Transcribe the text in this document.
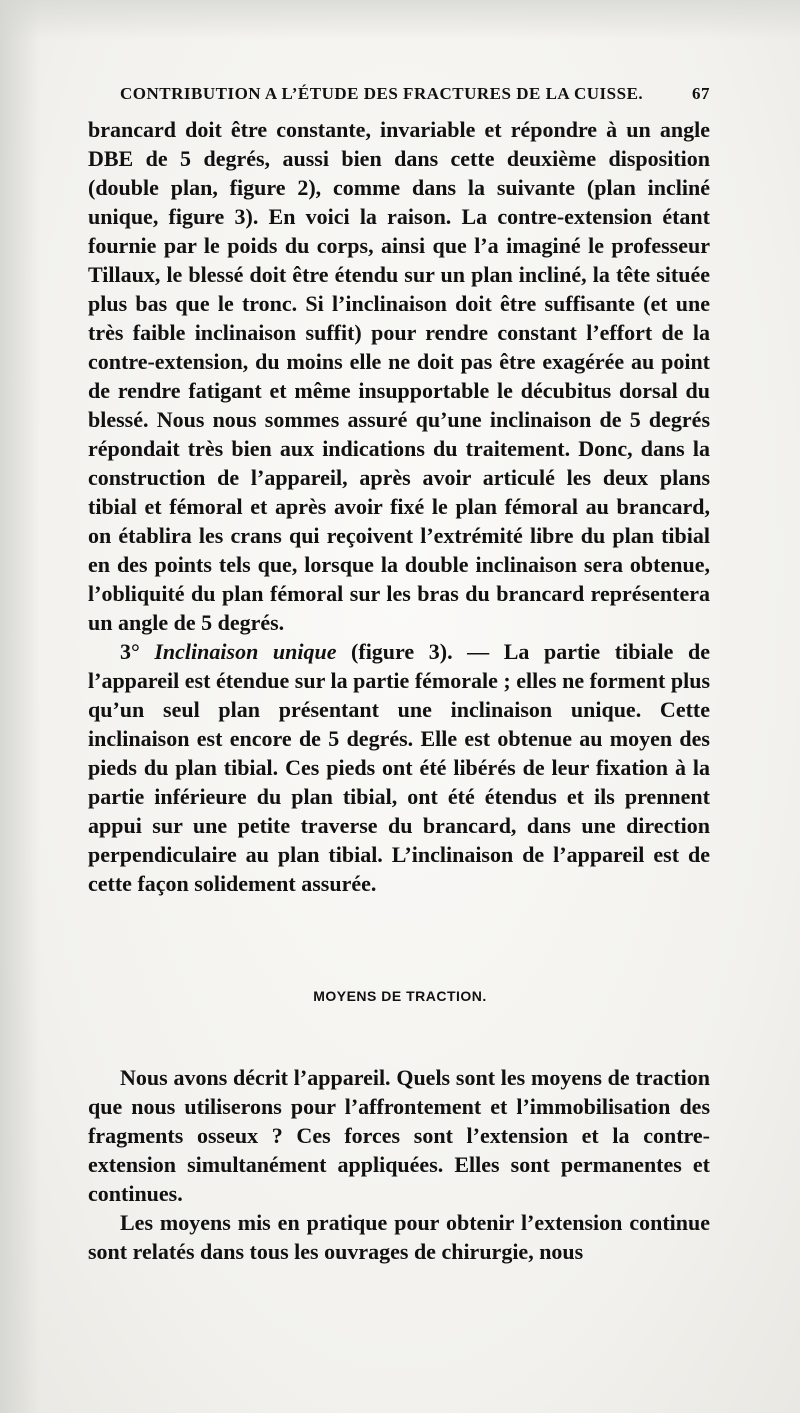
CONTRIBUTION A L’ÉTUDE DES FRACTURES DE LA CUISSE.	67

brancard doit être constante, invariable et répondre à un angle DBE de 5 degrés, aussi bien dans cette deuxième disposition (double plan, figure 2), comme dans la suivante (plan incliné unique, figure 3). En voici la raison. La contre-extension étant fournie par le poids du corps, ainsi que l’a imaginé le professeur Tillaux, le blessé doit être étendu sur un plan incliné, la tête située plus bas que le tronc. Si l’inclinaison doit être suffisante (et une très faible inclinaison suffit) pour rendre constant l’effort de la contre-extension, du moins elle ne doit pas être exagérée au point de rendre fatigant et même insupportable le décubitus dorsal du blessé. Nous nous sommes assuré qu’une inclinaison de 5 degrés répondait très bien aux indications du traitement. Donc, dans la construction de l’appareil, après avoir articulé les deux plans tibial et fémoral et après avoir fixé le plan fémoral au brancard, on établira les crans qui reçoivent l’extrémité libre du plan tibial en des points tels que, lorsque la double inclinaison sera obtenue, l’obliquité du plan fémoral sur les bras du brancard représentera un angle de 5 degrés.

3° Inclinaison unique (figure 3). — La partie tibiale de l’appareil est étendue sur la partie fémorale ; elles ne forment plus qu’un seul plan présentant une inclinaison unique. Cette inclinaison est encore de 5 degrés. Elle est obtenue au moyen des pieds du plan tibial. Ces pieds ont été libérés de leur fixation à la partie inférieure du plan tibial, ont été étendus et ils prennent appui sur une petite traverse du brancard, dans une direction perpendiculaire au plan tibial. L’inclinaison de l’appareil est de cette façon solidement assurée.

MOYENS DE TRACTION.

Nous avons décrit l’appareil. Quels sont les moyens de traction que nous utiliserons pour l’affrontement et l’immobilisation des fragments osseux ? Ces forces sont l’extension et la contre-extension simultanément appliquées. Elles sont permanentes et continues.

Les moyens mis en pratique pour obtenir l’extension continue sont relatés dans tous les ouvrages de chirurgie, nous
